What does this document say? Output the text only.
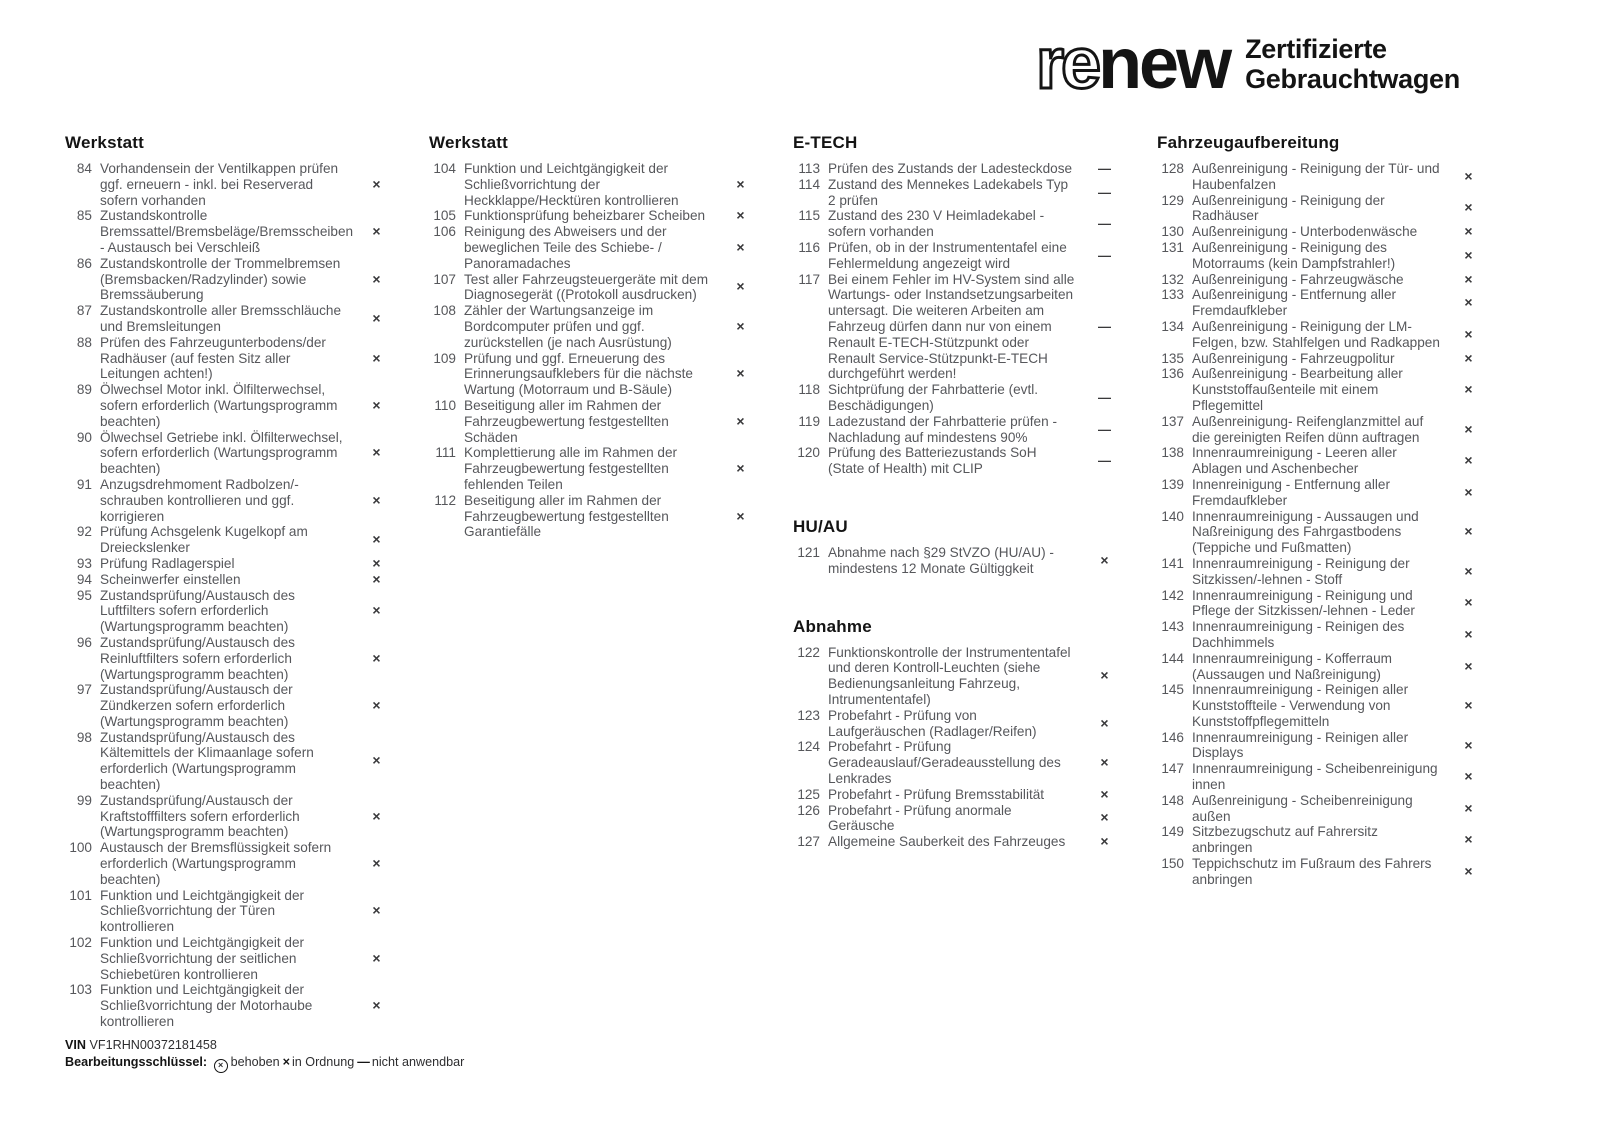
renew Zertifizierte
Gebrauchtwagen
Werkstatt
84 Vorhandensein der Ventilkappen prüfen ggf. erneuern - inkl. bei Reserverad sofern vorhanden
×
85 Zustandskontrolle Bremssattel/Bremsbeläge/Bremsscheiben - Austausch bei Verschleiß
×
86 Zustandskontrolle der Trommelbremsen (Bremsbacken/Radzylinder) sowie Bremssäuberung
×
87 Zustandskontrolle aller Bremsschläuche und Bremsleitungen
×
88 Prüfen des Fahrzeugunterbodens/der Radhäuser (auf festen Sitz aller Leitungen achten!)
×
89 Ölwechsel Motor inkl. Ölfilterwechsel, sofern erforderlich (Wartungsprogramm beachten)
×
90 Ölwechsel Getriebe inkl. Ölfilterwechsel, sofern erforderlich (Wartungsprogramm beachten)
×
91 Anzugsdrehmoment Radbolzen/-schrauben kontrollieren und ggf. korrigieren
×
92 Prüfung Achsgelenk Kugelkopf am Dreieckslenker
×
93 Prüfung Radlagerspiel	×
94 Scheinwerfer einstellen	×
95 Zustandsprüfung/Austausch des Luftfilters sofern erforderlich (Wartungsprogramm beachten)
×
96 Zustandsprüfung/Austausch des Reinluftfilters sofern erforderlich (Wartungsprogramm beachten)
×
97 Zustandsprüfung/Austausch der Zündkerzen sofern erforderlich (Wartungsprogramm beachten)
×
98 Zustandsprüfung/Austausch des Kältemittels der Klimaanlage sofern erforderlich (Wartungsprogramm beachten)
×
99 Zustandsprüfung/Austausch der Kraftstofffilters sofern erforderlich (Wartungsprogramm beachten)
×
100 Austausch der Bremsflüssigkeit sofern erforderlich (Wartungsprogramm beachten)
×
101 Funktion und Leichtgängigkeit der Schließvorrichtung der Türen kontrollieren
×
102 Funktion und Leichtgängigkeit der Schließvorrichtung der seitlichen Schiebetüren kontrollieren
×
103 Funktion und Leichtgängigkeit der Schließvorrichtung der Motorhaube kontrollieren
×
Werkstatt
104 Funktion und Leichtgängigkeit der Schließvorrichtung der Heckklappe/Hecktüren kontrollieren
×
105 Funktionsprüfung beheizbarer Scheiben	×
106 Reinigung des Abweisers und der beweglichen Teile des Schiebe- / Panoramadaches
×
107 Test aller Fahrzeugsteuergeräte mit dem Diagnosegerät ((Protokoll ausdrucken)
×
108 Zähler der Wartungsanzeige im Bordcomputer prüfen und ggf. zurückstellen (je nach Ausrüstung)
×
109 Prüfung und ggf. Erneuerung des Erinnerungsaufklebers für die nächste Wartung (Motorraum und B-Säule)
×
110 Beseitigung aller im Rahmen der Fahrzeugbewertung festgestellten Schäden
×
111 Komplettierung alle im Rahmen der Fahrzeugbewertung festgestellten fehlenden Teilen
×
112 Beseitigung aller im Rahmen der Fahrzeugbewertung festgestellten Garantiefälle
×
E-TECH
113 Prüfen des Zustands der Ladesteckdose	—
114 Zustand des Mennekes Ladekabels Typ 2 prüfen
—
115 Zustand des 230 V Heimladekabel - sofern vorhanden
—
116 Prüfen, ob in der Instrumententafel eine Fehlermeldung angezeigt wird
—
117 Bei einem Fehler im HV-System sind alle Wartungs- oder Instandsetzungsarbeiten untersagt. Die weiteren Arbeiten am Fahrzeug dürfen dann nur von einem Renault E-TECH-Stützpunkt oder Renault Service-Stützpunkt-E-TECH durchgeführt werden!
—
118 Sichtprüfung der Fahrbatterie (evtl. Beschädigungen)
—
119 Ladezustand der Fahrbatterie prüfen - Nachladung auf mindestens 90%
—
120 Prüfung des Batteriezustands SoH (State of Health) mit CLIP
—
HU/AU
121 Abnahme nach §29 StVZO (HU/AU) - mindestens 12 Monate Gültiggkeit
×
Abnahme
122 Funktionskontrolle der Instrumententafel und deren Kontroll-Leuchten (siehe Bedienungsanleitung Fahrzeug, Intrumententafel)
×
123 Probefahrt - Prüfung von Laufgeräuschen (Radlager/Reifen)
×
124 Probefahrt - Prüfung Geradeauslauf/Geradeausstellung des Lenkrades
×
125 Probefahrt - Prüfung Bremsstabilität	×
126 Probefahrt - Prüfung anormale Geräusche
×
127 Allgemeine Sauberkeit des Fahrzeuges	×
Fahrzeugaufbereitung
128 Außenreinigung - Reinigung der Tür- und Haubenfalzen
×
129 Außenreinigung - Reinigung der Radhäuser
×
130 Außenreinigung - Unterbodenwäsche	×
131 Außenreinigung - Reinigung des Motorraums (kein Dampfstrahler!)
×
132 Außenreinigung - Fahrzeugwäsche	×
133 Außenreinigung - Entfernung aller Fremdaufkleber
×
134 Außenreinigung - Reinigung der LM-Felgen, bzw. Stahlfelgen und Radkappen
×
135 Außenreinigung - Fahrzeugpolitur	×
136 Außenreinigung - Bearbeitung aller Kunststoffaußenteile mit einem Pflegemittel
×
137 Außenreinigung- Reifenglanzmittel auf die gereinigten Reifen dünn auftragen
×
138 Innenraumreinigung - Leeren aller Ablagen und Aschenbecher
×
139 Innenreinigung - Entfernung aller Fremdaufkleber
×
140 Innenraumreinigung - Aussaugen und Naßreinigung des Fahrgastbodens (Teppiche und Fußmatten)
×
141 Innenraumreinigung - Reinigung der Sitzkissen/-lehnen - Stoff
×
142 Innenraumreinigung - Reinigung und Pflege der Sitzkissen/-lehnen - Leder
×
143 Innenraumreinigung - Reinigen des Dachhimmels
×
144 Innenraumreinigung - Kofferraum (Aussaugen und Naßreinigung)
×
145 Innenraumreinigung - Reinigen aller Kunststoffteile - Verwendung von Kunststoffpflegemitteln
×
146 Innenraumreinigung - Reinigen aller Displays
×
147 Innenraumreinigung - Scheibenreinigung innen
×
148 Außenreinigung - Scheibenreinigung außen
×
149 Sitzbezugschutz auf Fahrersitz anbringen
×
150 Teppichschutz im Fußraum des Fahrers anbringen
×
VIN VF1RHN00372181458
Bearbeitungsschlüssel: × behoben × in Ordnung — nicht anwendbar
